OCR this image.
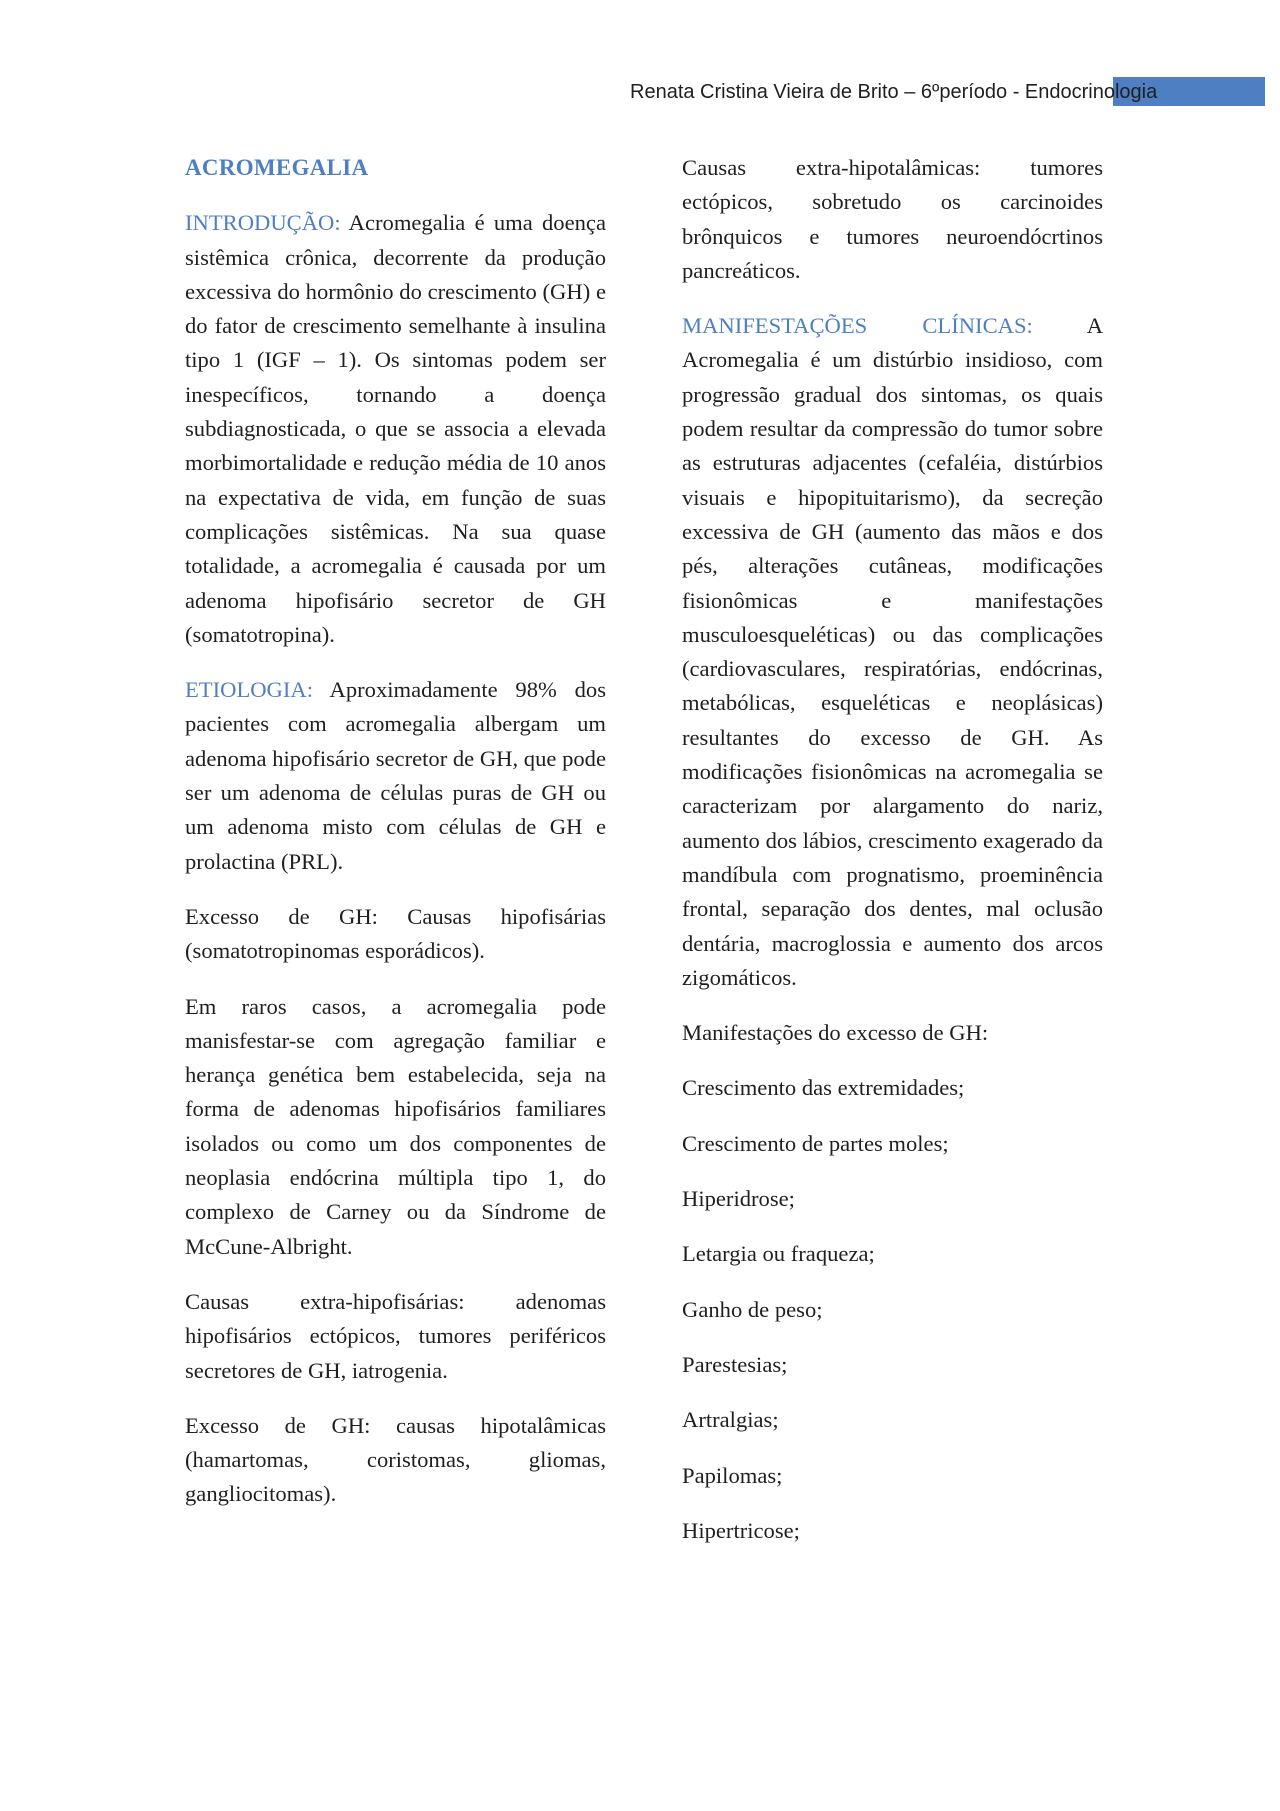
Renata Cristina Vieira de Brito – 6ºperíodo - Endocrinologia

ACROMEGALIA

INTRODUÇÃO: Acromegalia é uma doença sistêmica crônica, decorrente da produção excessiva do hormônio do crescimento (GH) e do fator de crescimento semelhante à insulina tipo 1 (IGF – 1). Os sintomas podem ser inespecíficos, tornando a doença subdiagnosticada, o que se associa a elevada morbimortalidade e redução média de 10 anos na expectativa de vida, em função de suas complicações sistêmicas. Na sua quase totalidade, a acromegalia é causada por um adenoma hipofisário secretor de GH (somatotropina).

ETIOLOGIA: Aproximadamente 98% dos pacientes com acromegalia albergam um adenoma hipofisário secretor de GH, que pode ser um adenoma de células puras de GH ou um adenoma misto com células de GH e prolactina (PRL).

Excesso de GH: Causas hipofisárias (somatotropinomas esporádicos).

Em raros casos, a acromegalia pode manisfestar-se com agregação familiar e herança genética bem estabelecida, seja na forma de adenomas hipofisários familiares isolados ou como um dos componentes de neoplasia endócrina múltipla tipo 1, do complexo de Carney ou da Síndrome de McCune-Albright.

Causas extra-hipofisárias: adenomas hipofisários ectópicos, tumores periféricos secretores de GH, iatrogenia.

Excesso de GH: causas hipotalâmicas (hamartomas, coristomas, gliomas, gangliocitomas).

Causas extra-hipotalâmicas: tumores ectópicos, sobretudo os carcinoides brônquicos e tumores neuroendócrtinos pancreáticos.

MANIFESTAÇÕES CLÍNICAS: A Acromegalia é um distúrbio insidioso, com progressão gradual dos sintomas, os quais podem resultar da compressão do tumor sobre as estruturas adjacentes (cefaléia, distúrbios visuais e hipopituitarismo), da secreção excessiva de GH (aumento das mãos e dos pés, alterações cutâneas, modificações fisionômicas e manifestações musculoesqueléticas) ou das complicações (cardiovasculares, respiratórias, endócrinas, metabólicas, esqueléticas e neoplásicas) resultantes do excesso de GH. As modificações fisionômicas na acromegalia se caracterizam por alargamento do nariz, aumento dos lábios, crescimento exagerado da mandíbula com prognatismo, proeminência frontal, separação dos dentes, mal oclusão dentária, macroglossia e aumento dos arcos zigomáticos.

Manifestações do excesso de GH:

Crescimento das extremidades;

Crescimento de partes moles;

Hiperidrose;

Letargia ou fraqueza;

Ganho de peso;

Parestesias;

Artralgias;

Papilomas;

Hipertricose;
